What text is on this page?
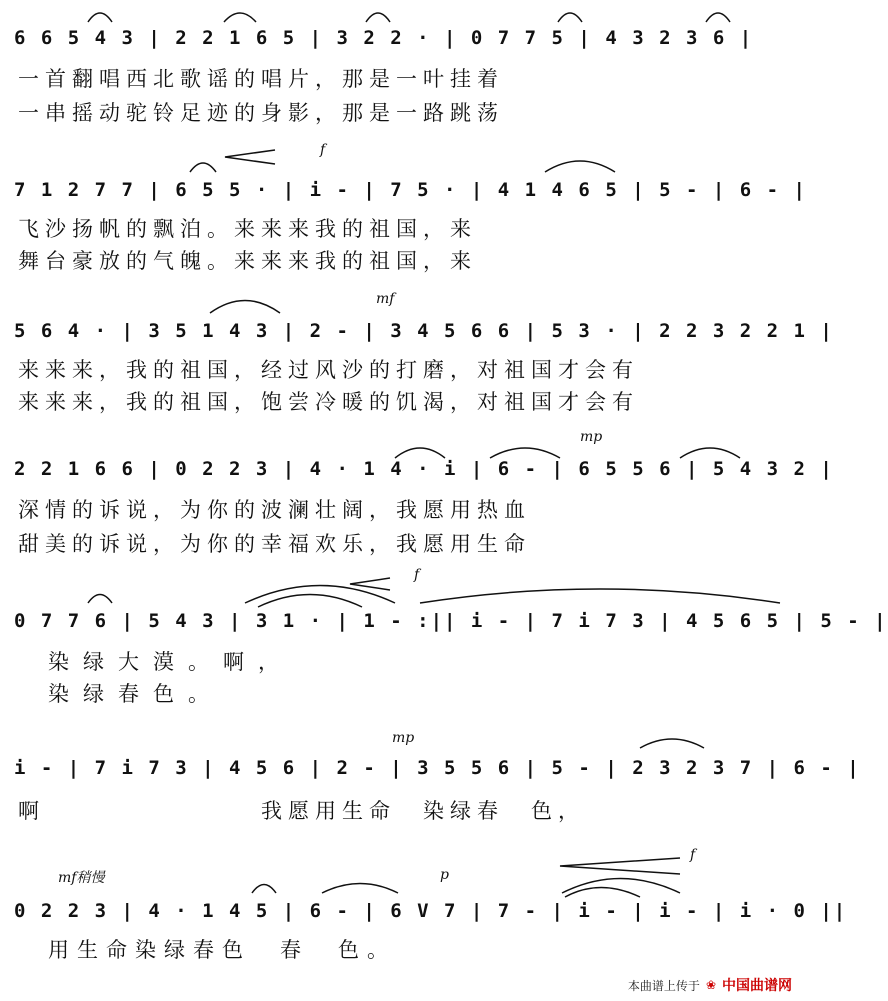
6 6 5 4 3 | 2 2 1 6 5 | 3 2 2 · | 0 7 7 5 | 4 3 2 3 6 |
一首翻唱西北歌谣的唱片，那是一叶挂着
一串摇动驼铃足迹的身影，那是一路跳荡
f
7 1 2 7 7 | 6 5 5 · | i - | 7 5 · | 4 1 4 6 5 | 5 - | 6 - |
飞沙扬帆的飘泊。来来来我的祖国，来
舞台豪放的气魄。来来来我的祖国，来
mf
5 6 4 · | 3 5 1 4 3 | 2 - | 3 4 5 6 6 | 5 3 · | 2 2 3 2 2 1 |
来来来，我的祖国，经过风沙的打磨，对祖国才会有
来来来，我的祖国，饱尝冷暖的饥渴，对祖国才会有
mp
2 2 1 6 6 | 0 2 2 3 | 4 · 1 4 · i | 6 - | 6 5 5 6 | 5 4 3 2 |
深情的诉说，为你的波澜壮阔，我愿用热血
甜美的诉说，为你的幸福欢乐，我愿用生命
f
0 7 7 6 | 5 4 3 | 3 1 · | 1 - :|| i - | 7 i 7 3 | 4 5 6 5 | 5 - |
染绿大漠。啊，
染绿春色。
mp
i - | 7 i 7 3 | 4 5 6 | 2 - | 3 5 5 6 | 5 - | 2 3 2 3 7 | 6 - |
啊　　　　　　　　我愿用生命　染绿春　色，
mf稍慢	p
f
0 2 2 3 | 4 · 1 4 5 | 6 - | 6 V 7 | 7 - | i - | i - | i · 0 ||
用生命染绿春色　春　色。
本曲谱上传于 ❀ 中国曲谱网
